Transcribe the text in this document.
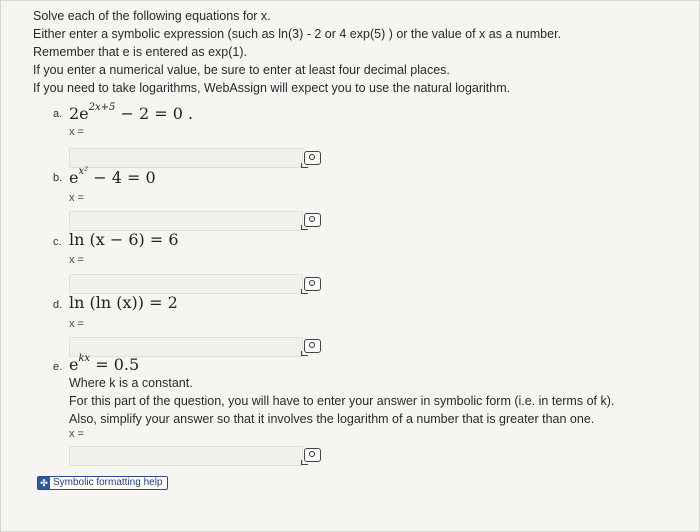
Solve each of the following equations for x.
Either enter a symbolic expression (such as ln(3) - 2 or 4 exp(5) ) or the value of x as a number.
Remember that e is entered as exp(1).
If you enter a numerical value, be sure to enter at least four decimal places.
If you need to take logarithms, WebAssign will expect you to use the natural logarithm.
a. $2e^{2x+5} - 2 = 0$ .
x =
b. $e^{x^2} - 4 = 0$
x =
c. ln (x − 6) = 6
x =
d. ln (ln (x)) = 2
x =
e. $e^{kx} = 0.5$
Where k is a constant.
For this part of the question, you will have to enter your answer in symbolic form (i.e. in terms of k).
Also, simplify your answer so that it involves the logarithm of a number that is greater than one.
x =
✣ Symbolic formatting help
